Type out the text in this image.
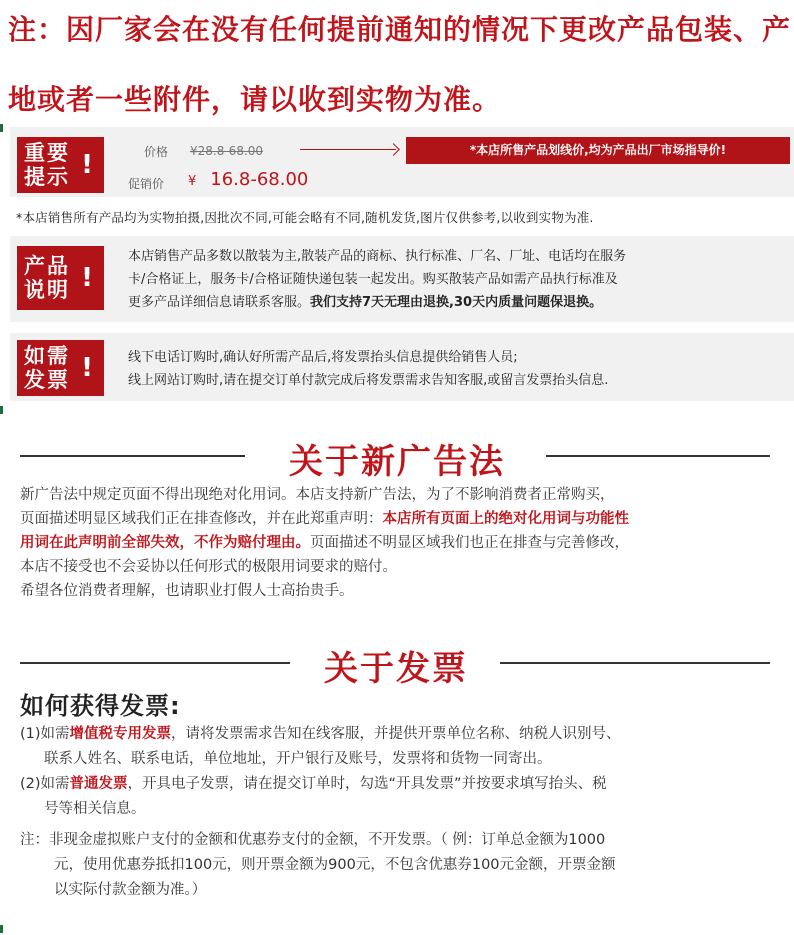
注：因厂家会在没有任何提前通知的情况下更改产品包装、产
地或者一些附件，请以收到实物为准。
重要
提示 !	价格 ¥28.8-68.00	*本店所售产品划线价,均为产品出厂市场指导价!
促销价 ¥ 16.8-68.00
*本店销售所有产品均为实物拍摄,因批次不同,可能会略有不同,随机发货,图片仅供参考,以收到实物为准.
产品
说明 !
本店销售产品多数以散装为主,散装产品的商标、执行标准、厂名、厂址、电话均在服务
卡/合格证上，服务卡/合格证随快递包装一起发出。购买散装产品如需产品执行标准及
更多产品详细信息请联系客服。我们支持7天无理由退换,30天内质量问题保退换。
如需
发票 !	线下电话订购时,确认好所需产品后,将发票抬头信息提供给销售人员;
线上网站订购时,请在提交订单付款完成后将发票需求告知客服,或留言发票抬头信息.
关于新广告法
新广告法中规定页面不得出现绝对化用词。本店支持新广告法，为了不影响消费者正常购买，
页面描述明显区域我们正在排查修改，并在此郑重声明：本店所有页面上的绝对化用词与功能性
用词在此声明前全部失效，不作为赔付理由。页面描述不明显区域我们也正在排查与完善修改，
本店不接受也不会妥协以任何形式的极限用词要求的赔付。
希望各位消费者理解，也请职业打假人士高抬贵手。
关于发票
如何获得发票:
(1)如需增值税专用发票，请将发票需求告知在线客服，并提供开票单位名称、纳税人识别号、
联系人姓名、联系电话，单位地址，开户银行及账号，发票将和货物一同寄出。
(2)如需普通发票，开具电子发票，请在提交订单时，勾选“开具发票”并按要求填写抬头、税
号等相关信息。
注：非现金虚拟账户支付的金额和优惠券支付的金额，不开发票。（ 例：订单总金额为1000
元，使用优惠券抵扣100元，则开票金额为900元，不包含优惠券100元金额，开票金额
以实际付款金额为准。）
